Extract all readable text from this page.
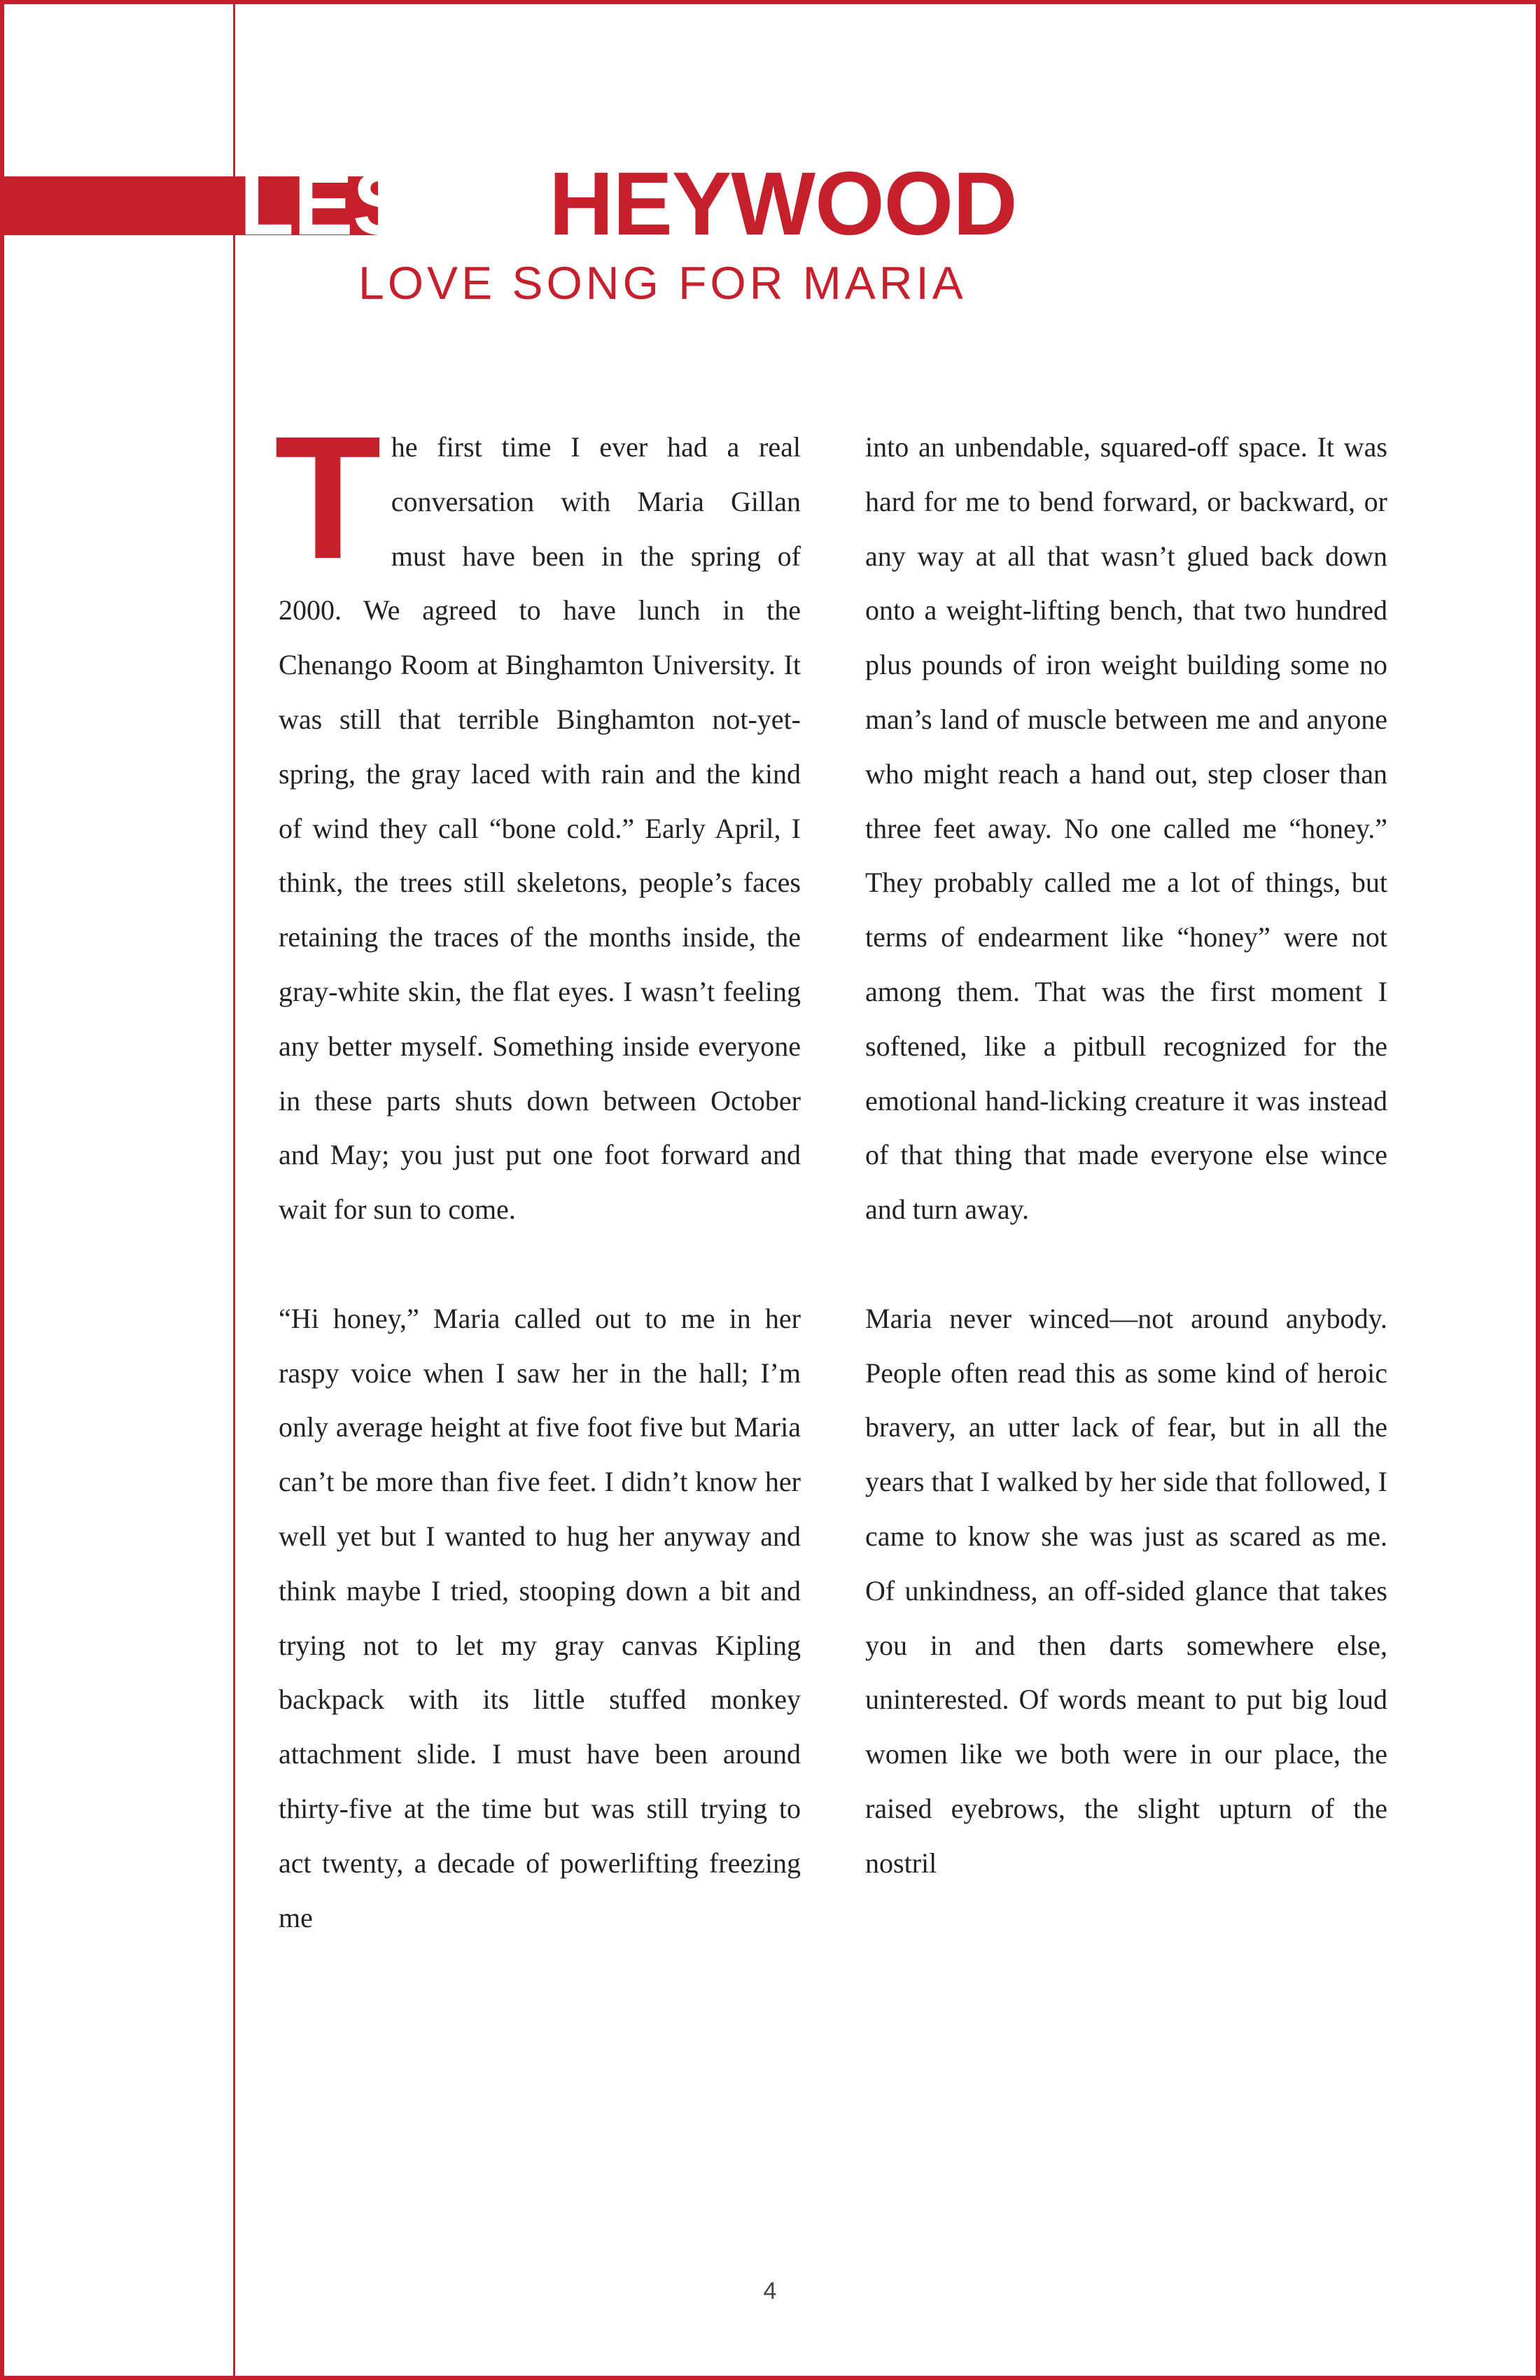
LESLIEHEYWOOD
LOVE SONG FOR MARIA

The first time I ever had a real conversation with Maria Gillan must have been in the spring of 2000. We agreed to have lunch in the Chenango Room at Binghamton University. It was still that terrible Binghamton not-yet-spring, the gray laced with rain and the kind of wind they call “bone cold.” Early April, I think, the trees still skeletons, people’s faces retaining the traces of the months inside, the gray-white skin, the flat eyes. I wasn’t feeling any better myself. Something inside everyone in these parts shuts down between October and May; you just put one foot forward and wait for sun to come.

“Hi honey,” Maria called out to me in her raspy voice when I saw her in the hall; I’m only average height at five foot five but Maria can’t be more than five feet. I didn’t know her well yet but I wanted to hug her anyway and think maybe I tried, stooping down a bit and trying not to let my gray canvas Kipling backpack with its little stuffed monkey attachment slide. I must have been around thirty-five at the time but was still trying to act twenty, a decade of powerlifting freezing me

into an unbendable, squared-off space. It was hard for me to bend forward, or backward, or any way at all that wasn’t glued back down onto a weight-lifting bench, that two hundred plus pounds of iron weight building some no man’s land of muscle between me and anyone who might reach a hand out, step closer than three feet away. No one called me “honey.” They probably called me a lot of things, but terms of endearment like “honey” were not among them. That was the first moment I softened, like a pitbull recognized for the emotional hand-licking creature it was instead of that thing that made everyone else wince and turn away.

Maria never winced—not around anybody. People often read this as some kind of heroic bravery, an utter lack of fear, but in all the years that I walked by her side that followed, I came to know she was just as scared as me. Of unkindness, an off-sided glance that takes you in and then darts somewhere else, uninterested. Of words meant to put big loud women like we both were in our place, the raised eyebrows, the slight upturn of the nostril

4
